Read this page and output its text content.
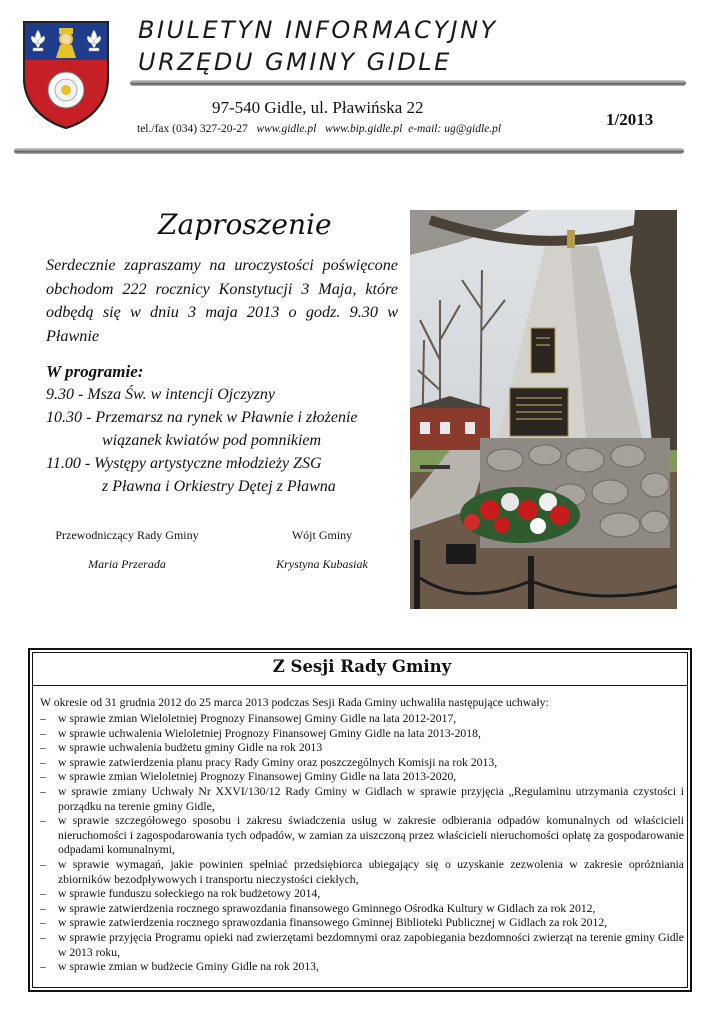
BIULETYN INFORMACYJNY
URZĘDU GMINY GIDLE
97-540 Gidle, ul. Pławińska 22
tel./fax (034) 327-20-27 www.gidle.pl www.bip.gidle.pl e-mail: ug@gidle.pl	1/2013
Zaproszenie
Serdecznie zapraszamy na uroczystości poświęcone obchodom 222 rocznicy Konstytucji 3 Maja, które odbędą się w dniu 3 maja 2013 o godz. 9.30 w Pławnie
W programie:
9.30 - Msza Św. w intencji Ojczyzny
10.30 - Przemarsz na rynek w Pławnie i złożenie
wiązanek kwiatów pod pomnikiem
11.00 - Występy artystyczne młodzieży ZSG
z Pławna i Orkiestry Dętej z Pławna
Przewodniczący Rady Gminy	Wójt Gminy
Maria Przerada	Krystyna Kubasiak
Z Sesji Rady Gminy
W okresie od 31 grudnia 2012 do 25 marca 2013 podczas Sesji Rada Gminy uchwaliła następujące uchwały:
– w sprawie zmian Wieloletniej Prognozy Finansowej Gminy Gidle na lata 2012-2017,
– w sprawie uchwalenia Wieloletniej Prognozy Finansowej Gminy Gidle na lata 2013-2018,
– w sprawie uchwalenia budżetu gminy Gidle na rok 2013
– w sprawie zatwierdzenia planu pracy Rady Gminy oraz poszczególnych Komisji na rok 2013,
– w sprawie zmian Wieloletniej Prognozy Finansowej Gminy Gidle na lata 2013-2020,
– w sprawie zmiany Uchwały Nr XXVI/130/12 Rady Gminy w Gidlach w sprawie przyjęcia „Regulaminu utrzymania czystości i porządku na terenie gminy Gidle,
– w sprawie szczegółowego sposobu i zakresu świadczenia usług w zakresie odbierania odpadów komunalnych od właścicieli nieruchomości i zagospodarowania tych odpadów, w zamian za uiszczoną przez właścicieli nieruchomości opłatę za gospodarowanie odpadami komunalnymi,
– w sprawie wymagań, jakie powinien spełniać przedsiębiorca ubiegający się o uzyskanie zezwolenia w zakresie opróżniania zbiorników bezodpływowych i transportu nieczystości ciekłych,
– w sprawie funduszu sołeckiego na rok budżetowy 2014,
– w sprawie zatwierdzenia rocznego sprawozdania finansowego Gminnego Ośrodka Kultury w Gidlach za rok 2012,
– w sprawie zatwierdzenia rocznego sprawozdania finansowego Gminnej Biblioteki Publicznej w Gidlach za rok 2012,
– w sprawie przyjęcia Programu opieki nad zwierzętami bezdomnymi oraz zapobiegania bezdomności zwierząt na terenie gminy Gidle w 2013 roku,
– w sprawie zmian w budżecie Gminy Gidle na rok 2013,
